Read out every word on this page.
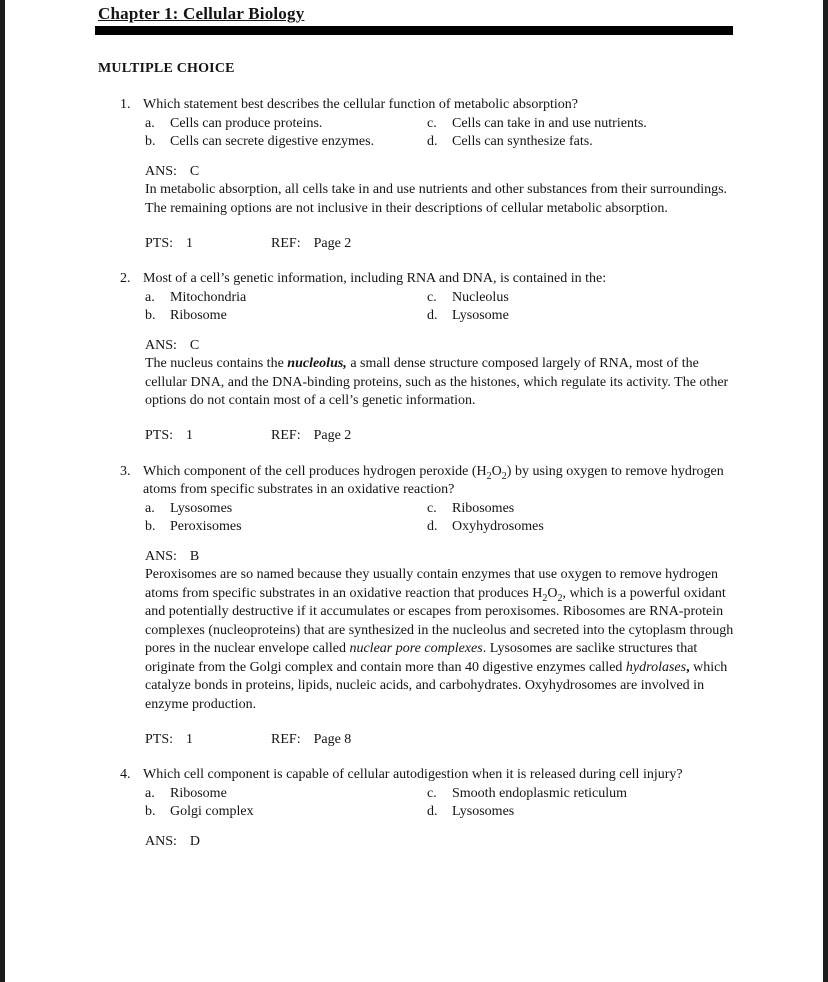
Chapter 1: Cellular Biology
MULTIPLE CHOICE
1. Which statement best describes the cellular function of metabolic absorption?
a.	Cells can produce proteins.
b.	Cells can secrete digestive enzymes.
c.	Cells can take in and use nutrients.
d.	Cells can synthesize fats.
ANS: C
In metabolic absorption, all cells take in and use nutrients and other substances from their surroundings. The remaining options are not inclusive in their descriptions of cellular metabolic absorption.
PTS: 1	REF: Page 2
2. Most of a cell’s genetic information, including RNA and DNA, is contained in the:
a.	Mitochondria
b.	Ribosome
c.	Nucleolus
d.	Lysosome
ANS: C
The nucleus contains the nucleolus, a small dense structure composed largely of RNA, most of the cellular DNA, and the DNA-binding proteins, such as the histones, which regulate its activity. The other options do not contain most of a cell’s genetic information.
PTS: 1	REF: Page 2
3. Which component of the cell produces hydrogen peroxide $(H_2O_2)$ by using oxygen to remove hydrogen atoms from specific substrates in an oxidative reaction?
a.	Lysosomes
b.	Peroxisomes
c.	Ribosomes
d.	Oxyhydrosomes
ANS: B
Peroxisomes are so named because they usually contain enzymes that use oxygen to remove hydrogen atoms from specific substrates in an oxidative reaction that produces $H_2O_2$, which is a powerful oxidant and potentially destructive if it accumulates or escapes from peroxisomes. Ribosomes are RNA-protein complexes (nucleoproteins) that are synthesized in the nucleolus and secreted into the cytoplasm through pores in the nuclear envelope called nuclear pore complexes. Lysosomes are saclike structures that originate from the Golgi complex and contain more than 40 digestive enzymes called hydrolases, which catalyze bonds in proteins, lipids, nucleic acids, and carbohydrates. Oxyhydrosomes are involved in enzyme production.
PTS: 1	REF: Page 8
4. Which cell component is capable of cellular autodigestion when it is released during cell injury?
a.	Ribosome
b.	Golgi complex
c.	Smooth endoplasmic reticulum
d.	Lysosomes
ANS: D
